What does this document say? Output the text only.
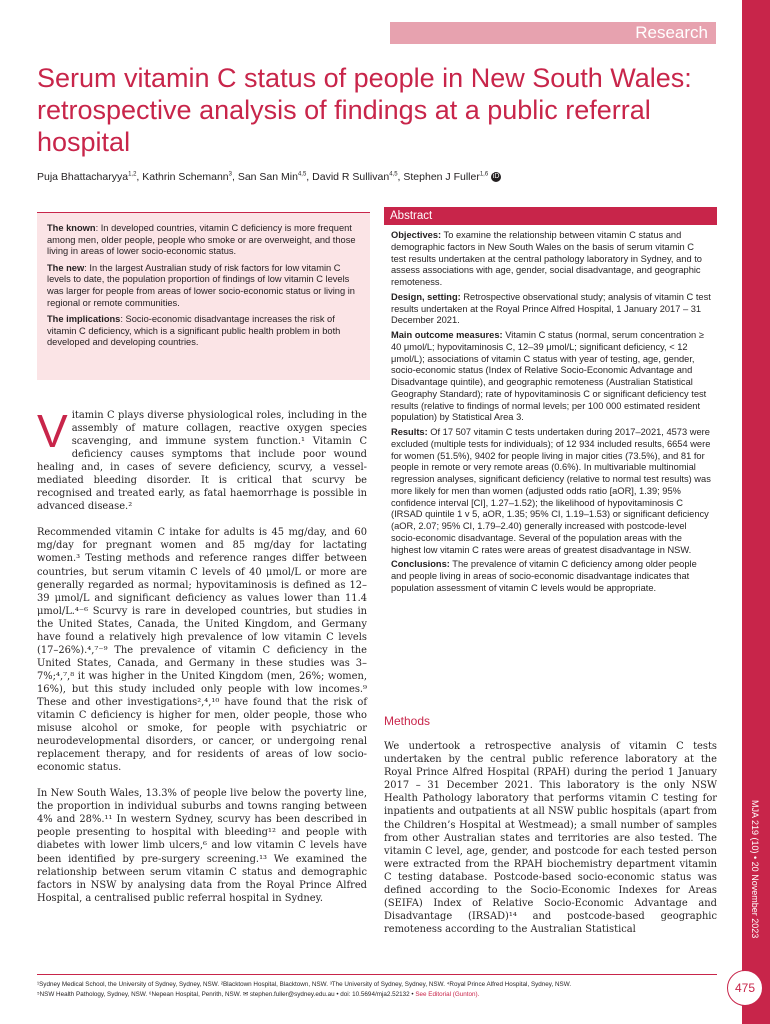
MJA 219 (10) • 20 November 2023
Research
Serum vitamin C status of people in New South Wales: retrospective analysis of findings at a public referral hospital
Puja Bhattacharyya$^{1,2}$, Kathrin Schemann$^3$, San San Min$^{4,5}$, David R Sullivan$^{4,5}$, Stephen J Fuller$^{1,6}$ iD

The known: In developed countries, vitamin C deficiency is more frequent among men, older people, people who smoke or are overweight, and those living in areas of lower socio-economic status.

The new: In the largest Australian study of risk factors for low vitamin C levels to date, the population proportion of findings of low vitamin C levels was larger for people from areas of lower socio-economic status or living in regional or remote communities.

The implications: Socio-economic disadvantage increases the risk of vitamin C deficiency, which is a significant public health problem in both developed and developing countries.

Abstract

Objectives: To examine the relationship between vitamin C status and demographic factors in New South Wales on the basis of serum vitamin C test results undertaken at the central pathology laboratory in Sydney, and to assess associations with age, gender, social disadvantage, and geographic remoteness.

Design, setting: Retrospective observational study; analysis of vitamin C test results undertaken at the Royal Prince Alfred Hospital, 1 January 2017 – 31 December 2021.

Main outcome measures: Vitamin C status (normal, serum concentration ≥ 40 μmol/L; hypovitaminosis C, 12–39 μmol/L; significant deficiency, < 12 μmol/L); associations of vitamin C status with year of testing, age, gender, socio-economic status (Index of Relative Socio-Economic Advantage and Disadvantage quintile), and geographic remoteness (Australian Statistical Geography Standard); rate of hypovitaminosis C or significant deficiency test results (relative to findings of normal levels; per 100 000 estimated resident population) by Statistical Area 3.

Results: Of 17 507 vitamin C tests undertaken during 2017–2021, 4573 were excluded (multiple tests for individuals); of 12 934 included results, 6654 were for women (51.5%), 9402 for people living in major cities (73.5%), and 81 for people in remote or very remote areas (0.6%). In multivariable multinomial regression analyses, significant deficiency (relative to normal test results) was more likely for men than women (adjusted odds ratio [aOR], 1.39; 95% confidence interval [CI], 1.27–1.52); the likelihood of hypovitaminosis C (IRSAD quintile 1 v 5, aOR, 1.35; 95% CI, 1.19–1.53) or significant deficiency (aOR, 2.07; 95% CI, 1.79–2.40) generally increased with postcode-level socio-economic disadvantage. Several of the population areas with the highest low vitamin C rates were areas of greatest disadvantage in NSW.

Conclusions: The prevalence of vitamin C deficiency among older people and people living in areas of socio-economic disadvantage indicates that population assessment of vitamin C levels would be appropriate.

Vitamin C plays diverse physiological roles, including in the assembly of mature collagen, reactive oxygen species scavenging, and immune system function.¹ Vitamin C deficiency causes symptoms that include poor wound healing and, in cases of severe deficiency, scurvy, a vessel-mediated bleeding disorder. It is critical that scurvy be recognised and treated early, as fatal haemorrhage is possible in advanced disease.²

Recommended vitamin C intake for adults is 45 mg/day, and 60 mg/day for pregnant women and 85 mg/day for lactating women.³ Testing methods and reference ranges differ between countries, but serum vitamin C levels of 40 μmol/L or more are generally regarded as normal; hypovitaminosis is defined as 12–39 μmol/L and significant deficiency as values lower than 11.4 μmol/L.⁴⁻⁶ Scurvy is rare in developed countries, but studies in the United States, Canada, the United Kingdom, and Germany have found a relatively high prevalence of low vitamin C levels (17–26%).⁴,⁷⁻⁹ The prevalence of vitamin C deficiency in the United States, Canada, and Germany in these studies was 3–7%;⁴,⁷,⁸ it was higher in the United Kingdom (men, 26%; women, 16%), but this study included only people with low incomes.⁹ These and other investigations²,⁴,¹⁰ have found that the risk of vitamin C deficiency is higher for men, older people, those who misuse alcohol or smoke, for people with psychiatric or neurodevelopmental disorders, or cancer, or undergoing renal replacement therapy, and for residents of areas of low socio-economic status.

In New South Wales, 13.3% of people live below the poverty line, the proportion in individual suburbs and towns ranging between 4% and 28%.¹¹ In western Sydney, scurvy has been described in people presenting to hospital with bleeding¹² and people with diabetes with lower limb ulcers,⁶ and low vitamin C levels have been identified by pre-surgery screening.¹³ We examined the relationship between serum vitamin C status and demographic factors in NSW by analysing data from the Royal Prince Alfred Hospital, a centralised public referral hospital in Sydney.

Methods

We undertook a retrospective analysis of vitamin C tests undertaken by the central public reference laboratory at the Royal Prince Alfred Hospital (RPAH) during the period 1 January 2017 – 31 December 2021. This laboratory is the only NSW Health Pathology laboratory that performs vitamin C testing for inpatients and outpatients at all NSW public hospitals (apart from the Children’s Hospital at Westmead); a small number of samples from other Australian states and territories are also tested. The vitamin C level, age, gender, and postcode for each tested person were extracted from the RPAH biochemistry department vitamin C testing database. Postcode-based socio-economic status was defined according to the Socio-Economic Indexes for Areas (SEIFA) Index of Relative Socio-Economic Advantage and Disadvantage (IRSAD)¹⁴ and postcode-based geographic remoteness according to the Australian Statistical

¹Sydney Medical School, the University of Sydney, Sydney, NSW. ²Blacktown Hospital, Blacktown, NSW. ³The University of Sydney, Sydney, NSW. ⁴Royal Prince Alfred Hospital, Sydney, NSW.
⁵NSW Health Pathology, Sydney, NSW. ⁶Nepean Hospital, Penrith, NSW. ✉ stephen.fuller@sydney.edu.au • doi: 10.5694/mja2.52132 • See Editorial (Gunton).	475
